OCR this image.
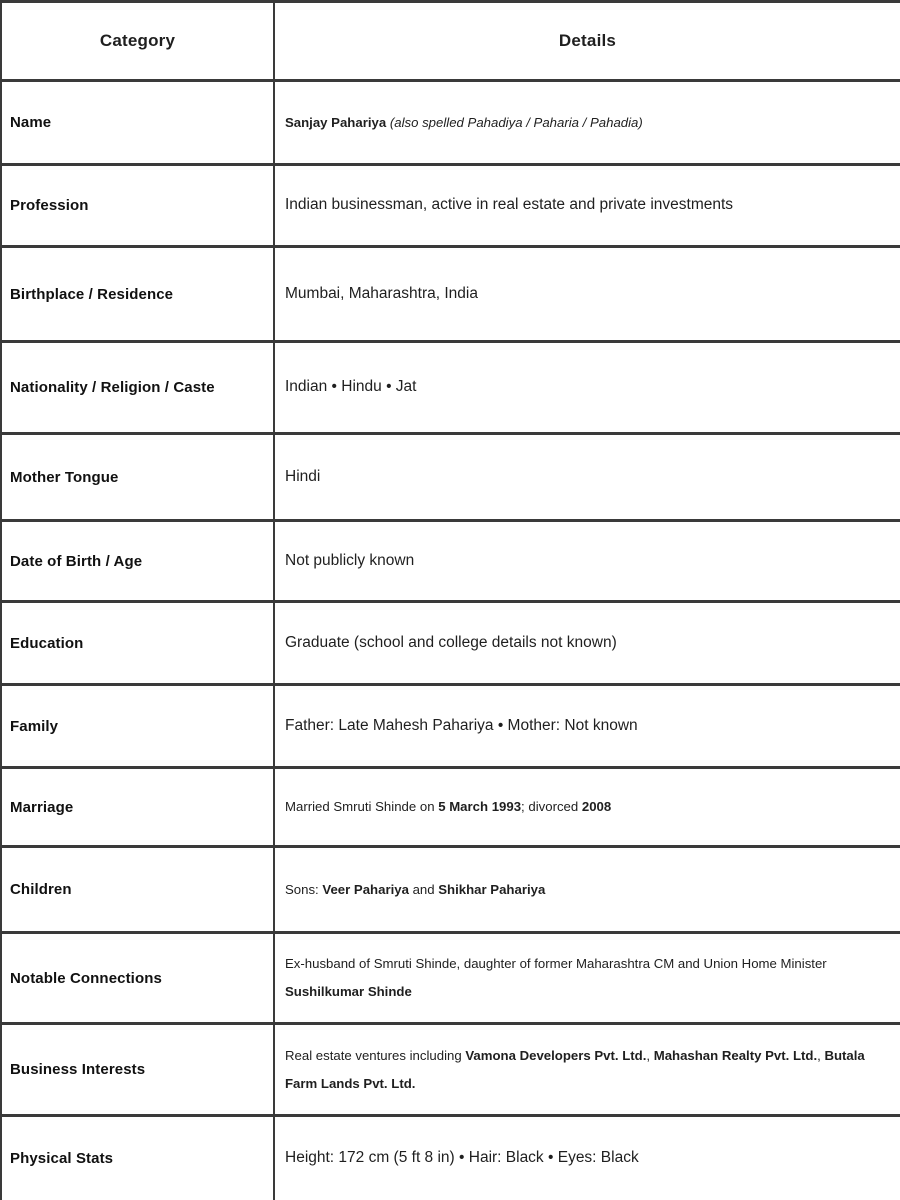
Category	Details
Name	Sanjay Pahariya (also spelled Pahadiya / Paharia / Pahadia)
Profession	Indian businessman, active in real estate and private investments
Birthplace / Residence	Mumbai, Maharashtra, India
Nationality / Religion / Caste	Indian • Hindu • Jat
Mother Tongue	Hindi
Date of Birth / Age	Not publicly known
Education	Graduate (school and college details not known)
Family	Father: Late Mahesh Pahariya • Mother: Not known
Marriage	Married Smruti Shinde on 5 March 1993; divorced 2008
Children	Sons: Veer Pahariya and Shikhar Pahariya
Notable Connections	Ex-husband of Smruti Shinde, daughter of former Maharashtra CM and Union Home Minister Sushilkumar Shinde
Business Interests	Real estate ventures including Vamona Developers Pvt. Ltd., Mahashan Realty Pvt. Ltd., Butala Farm Lands Pvt. Ltd.
Physical Stats	Height: 172 cm (5 ft 8 in) • Hair: Black • Eyes: Black
